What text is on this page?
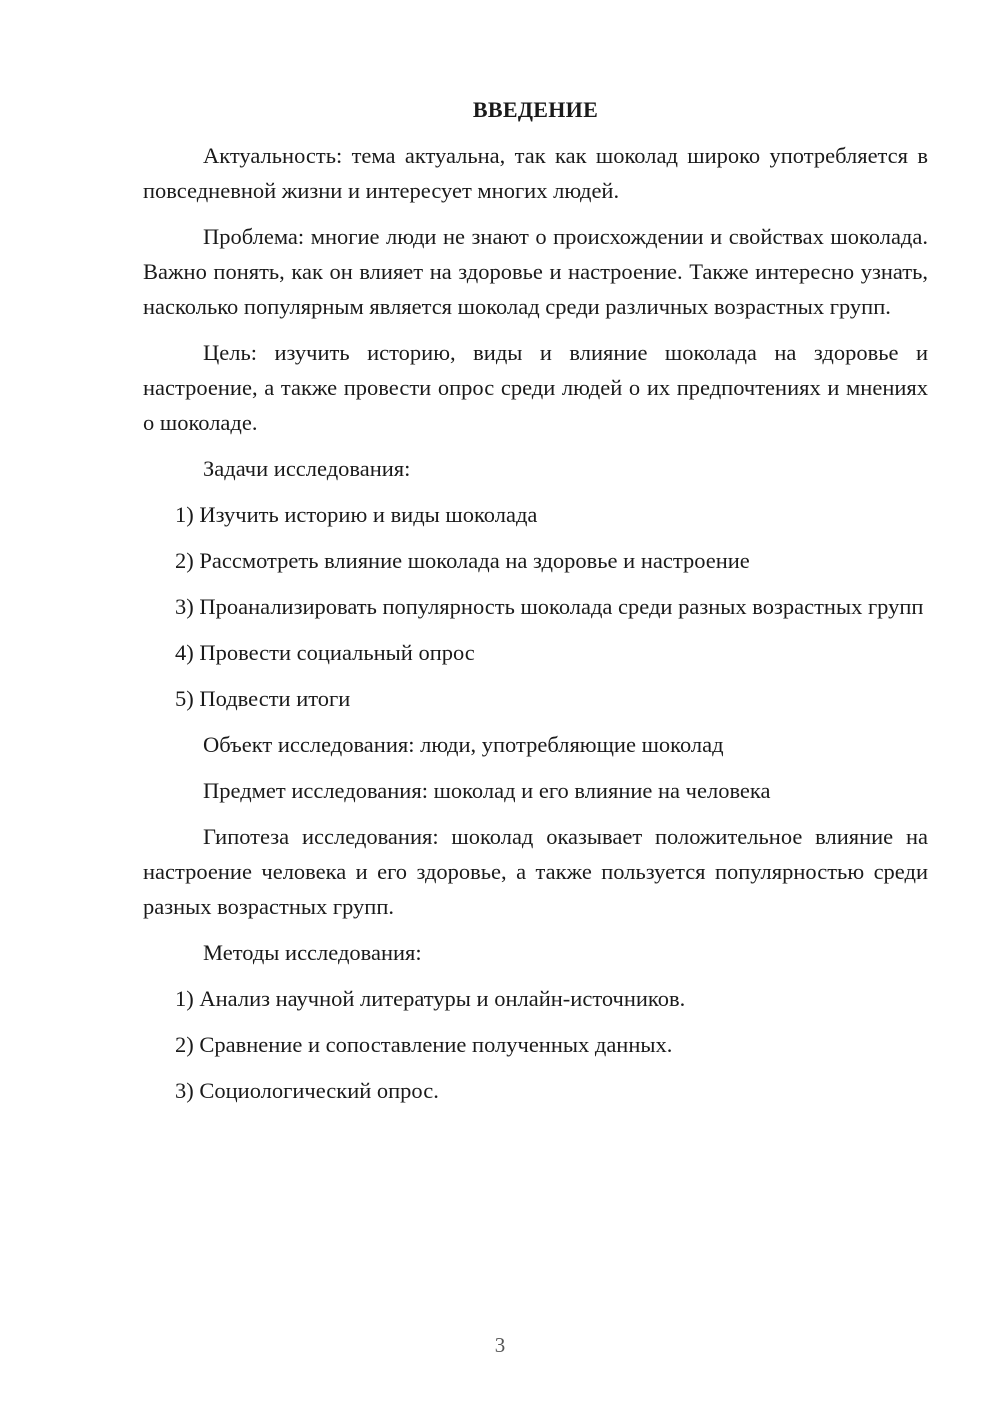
ВВЕДЕНИЕ

Актуальность: тема актуальна, так как шоколад широко употребляется в повседневной жизни и интересует многих людей.

Проблема: многие люди не знают о происхождении и свойствах шоколада. Важно понять, как он влияет на здоровье и настроение. Также интересно узнать, насколько популярным является шоколад среди различных возрастных групп.

Цель: изучить историю, виды и влияние шоколада на здоровье и настроение, а также провести опрос среди людей о их предпочтениях и мнениях о шоколаде.

Задачи исследования:

1) Изучить историю и виды шоколада

2) Рассмотреть влияние шоколада на здоровье и настроение

3) Проанализировать популярность шоколада среди разных возрастных групп

4) Провести социальный опрос

5) Подвести итоги

Объект исследования: люди, употребляющие шоколад

Предмет исследования: шоколад и его влияние на человека

Гипотеза исследования: шоколад оказывает положительное влияние на настроение человека и его здоровье, а также пользуется популярностью среди разных возрастных групп.

Методы исследования:

1) Анализ научной литературы и онлайн-источников.

2) Сравнение и сопоставление полученных данных.

3) Социологический опрос.

3
